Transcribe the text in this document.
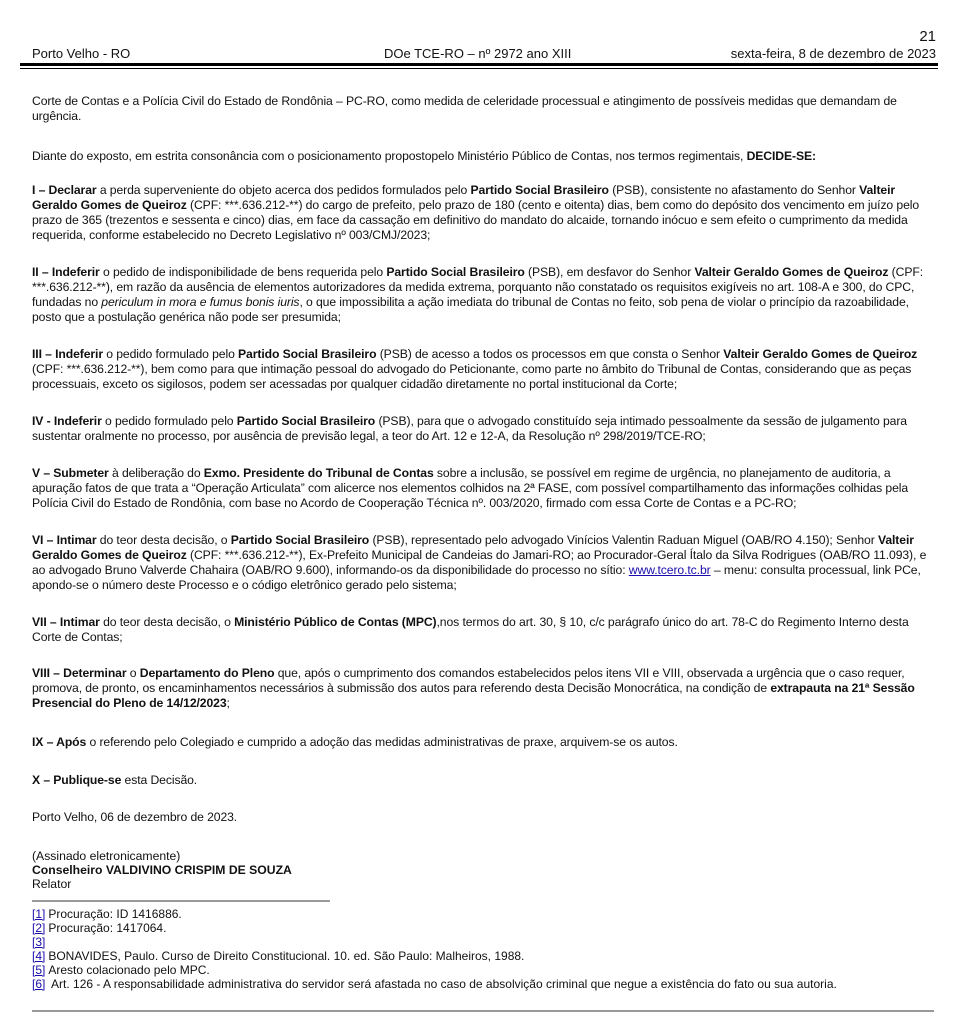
21
Porto Velho - RO	DOe TCE-RO – nº 2972 ano XIII	sexta-feira, 8 de dezembro de 2023
Corte de Contas e a Polícia Civil do Estado de Rondônia – PC-RO, como medida de celeridade processual e atingimento de possíveis medidas que demandam de urgência.
Diante do exposto, em estrita consonância com o posicionamento propostopelo Ministério Público de Contas, nos termos regimentais, DECIDE-SE:
I – Declarar a perda superveniente do objeto acerca dos pedidos formulados pelo Partido Social Brasileiro (PSB), consistente no afastamento do Senhor Valteir Geraldo Gomes de Queiroz (CPF: ***.636.212-**) do cargo de prefeito, pelo prazo de 180 (cento e oitenta) dias, bem como do depósito dos vencimento em juízo pelo prazo de 365 (trezentos e sessenta e cinco) dias, em face da cassação em definitivo do mandato do alcaide, tornando inócuo e sem efeito o cumprimento da medida requerida, conforme estabelecido no Decreto Legislativo nº 003/CMJ/2023;
II – Indeferir o pedido de indisponibilidade de bens requerida pelo Partido Social Brasileiro (PSB), em desfavor do Senhor Valteir Geraldo Gomes de Queiroz (CPF: ***.636.212-**), em razão da ausência de elementos autorizadores da medida extrema, porquanto não constatado os requisitos exigíveis no art. 108-A e 300, do CPC, fundadas no periculum in mora e fumus bonis iuris, o que impossibilita a ação imediata do tribunal de Contas no feito, sob pena de violar o princípio da razoabilidade, posto que a postulação genérica não pode ser presumida;
III – Indeferir o pedido formulado pelo Partido Social Brasileiro (PSB) de acesso a todos os processos em que consta o Senhor Valteir Geraldo Gomes de Queiroz (CPF: ***.636.212-**), bem como para que intimação pessoal do advogado do Peticionante, como parte no âmbito do Tribunal de Contas, considerando que as peças processuais, exceto os sigilosos, podem ser acessadas por qualquer cidadão diretamente no portal institucional da Corte;
IV - Indeferir o pedido formulado pelo Partido Social Brasileiro (PSB), para que o advogado constituído seja intimado pessoalmente da sessão de julgamento para sustentar oralmente no processo, por ausência de previsão legal, a teor do Art. 12 e 12-A, da Resolução nº 298/2019/TCE-RO;
V – Submeter à deliberação do Exmo. Presidente do Tribunal de Contas sobre a inclusão, se possível em regime de urgência, no planejamento de auditoria, a apuração fatos de que trata a “Operação Articulata” com alicerce nos elementos colhidos na 2ª FASE, com possível compartilhamento das informações colhidas pela Polícia Civil do Estado de Rondônia, com base no Acordo de Cooperação Técnica nº. 003/2020, firmado com essa Corte de Contas e a PC-RO;
VI – Intimar do teor desta decisão, o Partido Social Brasileiro (PSB), representado pelo advogado Vinícios Valentin Raduan Miguel (OAB/RO 4.150); Senhor Valteir Geraldo Gomes de Queiroz (CPF: ***.636.212-**), Ex-Prefeito Municipal de Candeias do Jamari-RO; ao Procurador-Geral Ítalo da Silva Rodrigues (OAB/RO 11.093), e ao advogado Bruno Valverde Chahaira (OAB/RO 9.600), informando-os da disponibilidade do processo no sítio: www.tcero.tc.br – menu: consulta processual, link PCe, apondo-se o número deste Processo e o código eletrônico gerado pelo sistema;
VII – Intimar do teor desta decisão, o Ministério Público de Contas (MPC),nos termos do art. 30, § 10, c/c parágrafo único do art. 78-C do Regimento Interno desta Corte de Contas;
VIII – Determinar o Departamento do Pleno que, após o cumprimento dos comandos estabelecidos pelos itens VII e VIII, observada a urgência que o caso requer, promova, de pronto, os encaminhamentos necessários à submissão dos autos para referendo desta Decisão Monocrática, na condição de extrapauta na 21ª Sessão Presencial do Pleno de 14/12/2023;
IX – Após o referendo pelo Colegiado e cumprido a adoção das medidas administrativas de praxe, arquivem-se os autos.
X – Publique-se esta Decisão.
Porto Velho, 06 de dezembro de 2023.
(Assinado eletronicamente)
Conselheiro VALDIVINO CRISPIM DE SOUZA
Relator
[1] Procuração: ID 1416886.
[2] Procuração: 1417064.
[3]
[4] BONAVIDES, Paulo. Curso de Direito Constitucional. 10. ed. São Paulo: Malheiros, 1988.
[5] Aresto colacionado pelo MPC.
[6] Art. 126 - A responsabilidade administrativa do servidor será afastada no caso de absolvição criminal que negue a existência do fato ou sua autoria.
